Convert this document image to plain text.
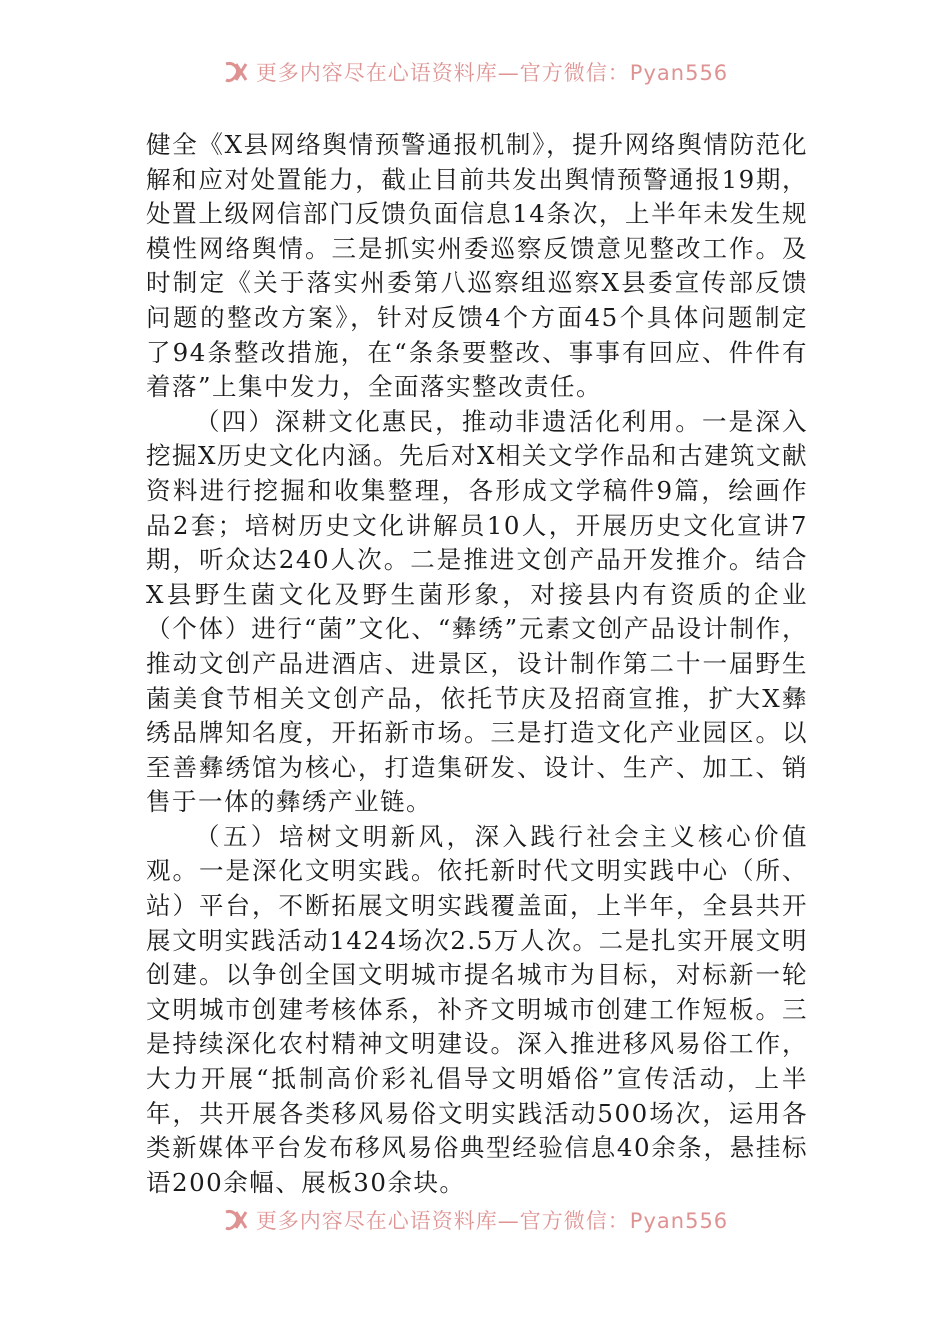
更多内容尽在心语资料库—官方微信：Pyan556

健全《X县网络舆情预警通报机制》，提升网络舆情防范化解和应对处置能力，截止目前共发出舆情预警通报19期，处置上级网信部门反馈负面信息14条次，上半年未发生规模性网络舆情。三是抓实州委巡察反馈意见整改工作。及时制定《关于落实州委第八巡察组巡察X县委宣传部反馈问题的整改方案》，针对反馈4个方面45个具体问题制定了94条整改措施，在“条条要整改、事事有回应、件件有着落”上集中发力，全面落实整改责任。

（四）深耕文化惠民，推动非遗活化利用。一是深入挖掘X历史文化内涵。先后对X相关文学作品和古建筑文献资料进行挖掘和收集整理，各形成文学稿件9篇，绘画作品2套；培树历史文化讲解员10人，开展历史文化宣讲7期，听众达240人次。二是推进文创产品开发推介。结合X县野生菌文化及野生菌形象，对接县内有资质的企业（个体）进行“菌”文化、“彝绣”元素文创产品设计制作，推动文创产品进酒店、进景区，设计制作第二十一届野生菌美食节相关文创产品，依托节庆及招商宣推，扩大X彝绣品牌知名度，开拓新市场。三是打造文化产业园区。以至善彝绣馆为核心，打造集研发、设计、生产、加工、销售于一体的彝绣产业链。

（五）培树文明新风，深入践行社会主义核心价值观。一是深化文明实践。依托新时代文明实践中心（所、站）平台，不断拓展文明实践覆盖面，上半年，全县共开展文明实践活动1424场次2.5万人次。二是扎实开展文明创建。以争创全国文明城市提名城市为目标，对标新一轮文明城市创建考核体系，补齐文明城市创建工作短板。三是持续深化农村精神文明建设。深入推进移风易俗工作，大力开展“抵制高价彩礼倡导文明婚俗”宣传活动，上半年，共开展各类移风易俗文明实践活动500场次，运用各类新媒体平台发布移风易俗典型经验信息40余条，悬挂标语200余幅、展板30余块。

更多内容尽在心语资料库—官方微信：Pyan556
